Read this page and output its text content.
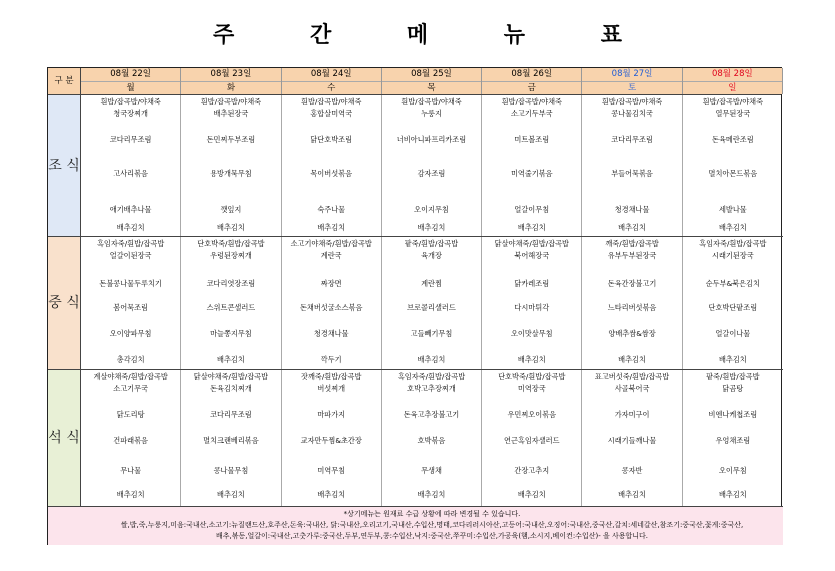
주 간 메 뉴 표
구 분
08월 22일
월
08월 23일
화
08월 24일
수
08월 25일
목
08월 26일
금
08월 27일
토
08월 28일
일
조 식
중 식
석 식
흰밥/잡곡밥/야채죽
청국장찌개
코다리무조림
고사리볶음
애기배추나물
배추김치
흰밥/잡곡밥/야채죽
배추된장국
돈민찌두부조림
용방개묵무침
깻잎지
배추김치
흰밥/잡곡밥/야채죽
홍합살미역국
닭단호박조림
목이버섯볶음
숙주나물
배추김치
흰밥/잡곡밥/야채죽
누룽지
너비아니파프리카조림
감자조림
오이지무침
배추김치
흰밥/잡곡밥/야채죽
소고기두부국
미트볼조림
미역줄기볶음
얼갈이무침
배추김치
흰밥/잡곡밥/야채죽
콩나물김치국
코다리무조림
부들어묵볶음
청경채나물
배추김치
흰밥/잡곡밥/야채죽
열무된장국
돈육메란조림
멸치아몬드볶음
세발나물
배추김치
흑임자죽/흰밥/잡곡밥
얼갈이된장국
돈불콩나물두루치기
봄어묵조림
오이양파무침
총각김치
단호박죽/흰밥/잡곡밥
우렁된장찌개
코다리엿장조림
스위트콘샐러드
마늘쫑지무침
배추김치
소고기야채죽/흰밥/잡곡밥
계란국
짜장면
돈채버섯굴소스볶음
청경채나물
깍두기
팥죽/흰밥/잡곡밥
육개장
계란찜
브로콜리샐러드
고들빼기무침
배추김치
닭살야채죽/흰밥/잡곡밥
북어해장국
닭카레조림
다시마튀각
오이맛살무침
배추김치
깨죽/흰밥/잡곡밥
유부두부된장국
돈육간장불고기
느타리버섯볶음
양배추쌈&쌈장
배추김치
흑임자죽/흰밥/잡곡밥
시래기된장국
순두부&북은김치
단호박단팥조림
얼갈이나물
배추김치
계살야채죽/흰밥/잡곡밥
소고기무국
닭도리탕
건파래볶음
무나물
배추김치
닭살야채죽/흰밥/잡곡밥
돈육김치찌개
코다리무조림
멸치크랜베리볶음
콩나물무침
배추김치
잣깨죽/흰밥/잡곡밥
버섯찌개
마파가지
교자만두찜&초간장
미역무침
배추김치
흑임자죽/흰밥/잡곡밥
호박고추장찌개
돈육고추장불고기
호박볶음
무생채
배추김치
단호박죽/흰밥/잡곡밥
미역장국
우민찌오이볶음
연근흑임자샐러드
간장고추지
배추김치
표고버섯죽/흰밥/잡곡밥
사골북어국
가자미구이
시래기들깨나물
콩자반
배추김치
팥죽/흰밥/잡곡밥
닭곰탕
비엔나케첩조림
우엉채조림
오이무침
배추김치
*상기메뉴는 원재료 수급 상황에 따라 변경될 수 있습니다.
쌀,밥,죽,누룽지,미음:국내산,소고기:뉴질랜드산,호주산,돈육:국내산, 닭:국내산,오리고기,국내산,수입산,명태,코다리러시아산,고등어:국내산,오징어:국내산,중국산,갈치:세네갈산,참조기:중국산,꽃게:중국산,
배추,볶동,얼갈이:국내산,고춧가루:중국산,두부,연두부,콩:수입산,낙지:중국산,쭈꾸미:수입산,가공육(햄,소시지,베이컨:수입산)- 을 사용합니다.
